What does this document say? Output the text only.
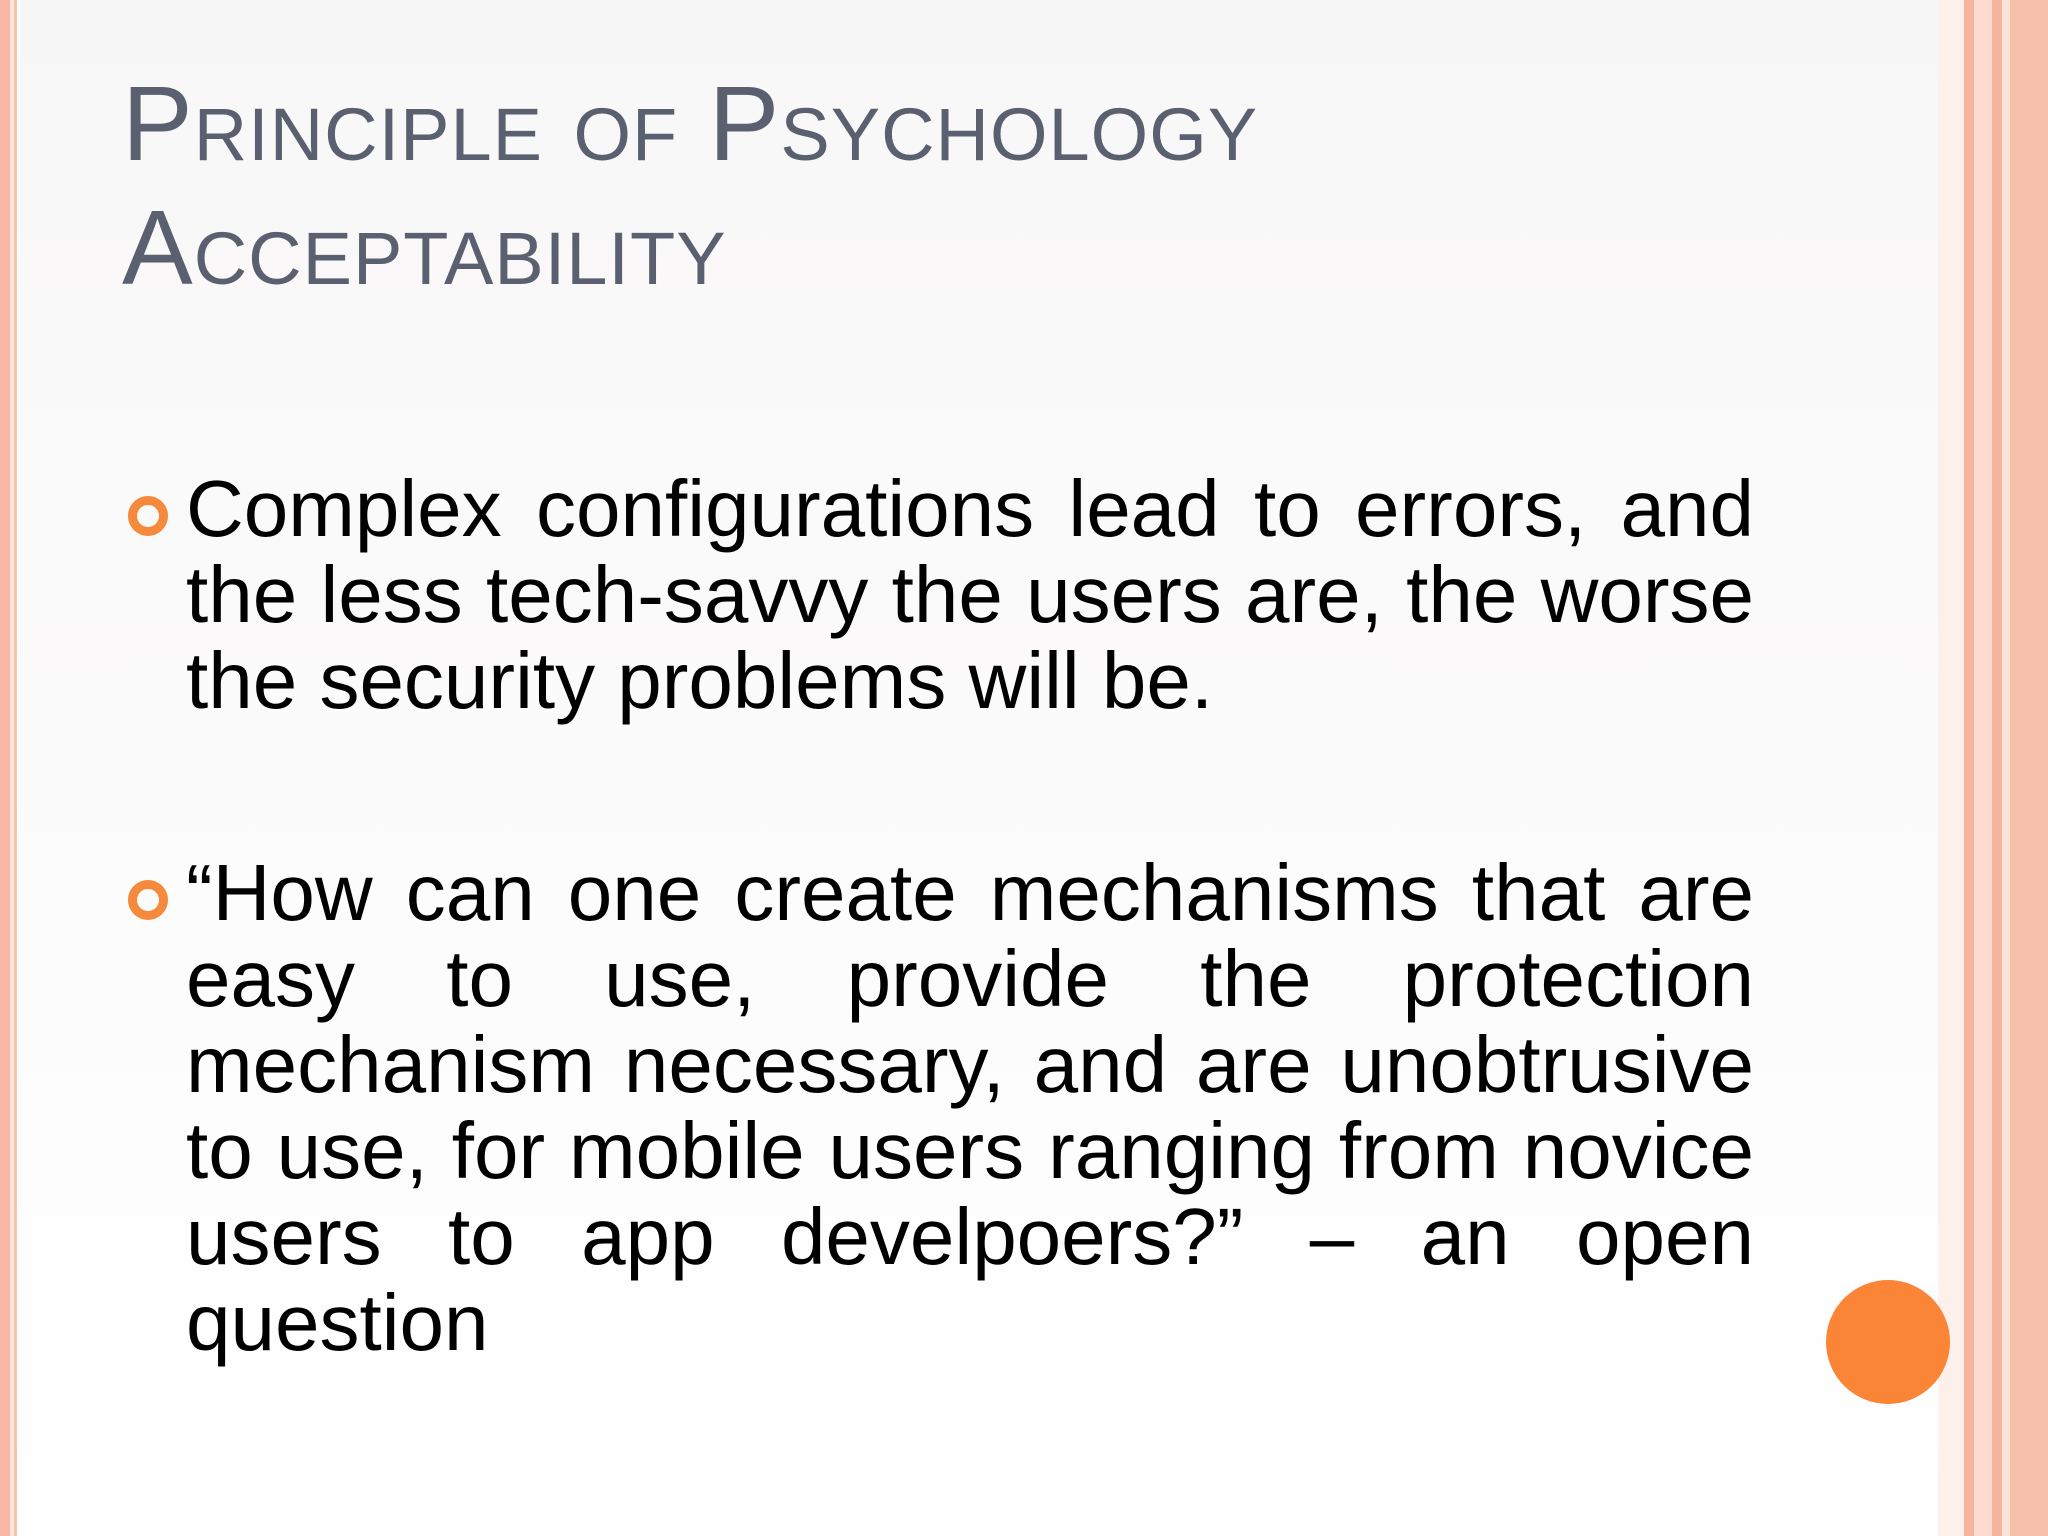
Principle of Psychology
Acceptability
Complex configurations lead to errors, and the less tech-savvy the users are, the worse the security problems will be.
“How can one create mechanisms that are easy to use, provide the protection mechanism necessary, and are unobtrusive to use, for mobile users ranging from novice users to app develpoers?” – an open question
